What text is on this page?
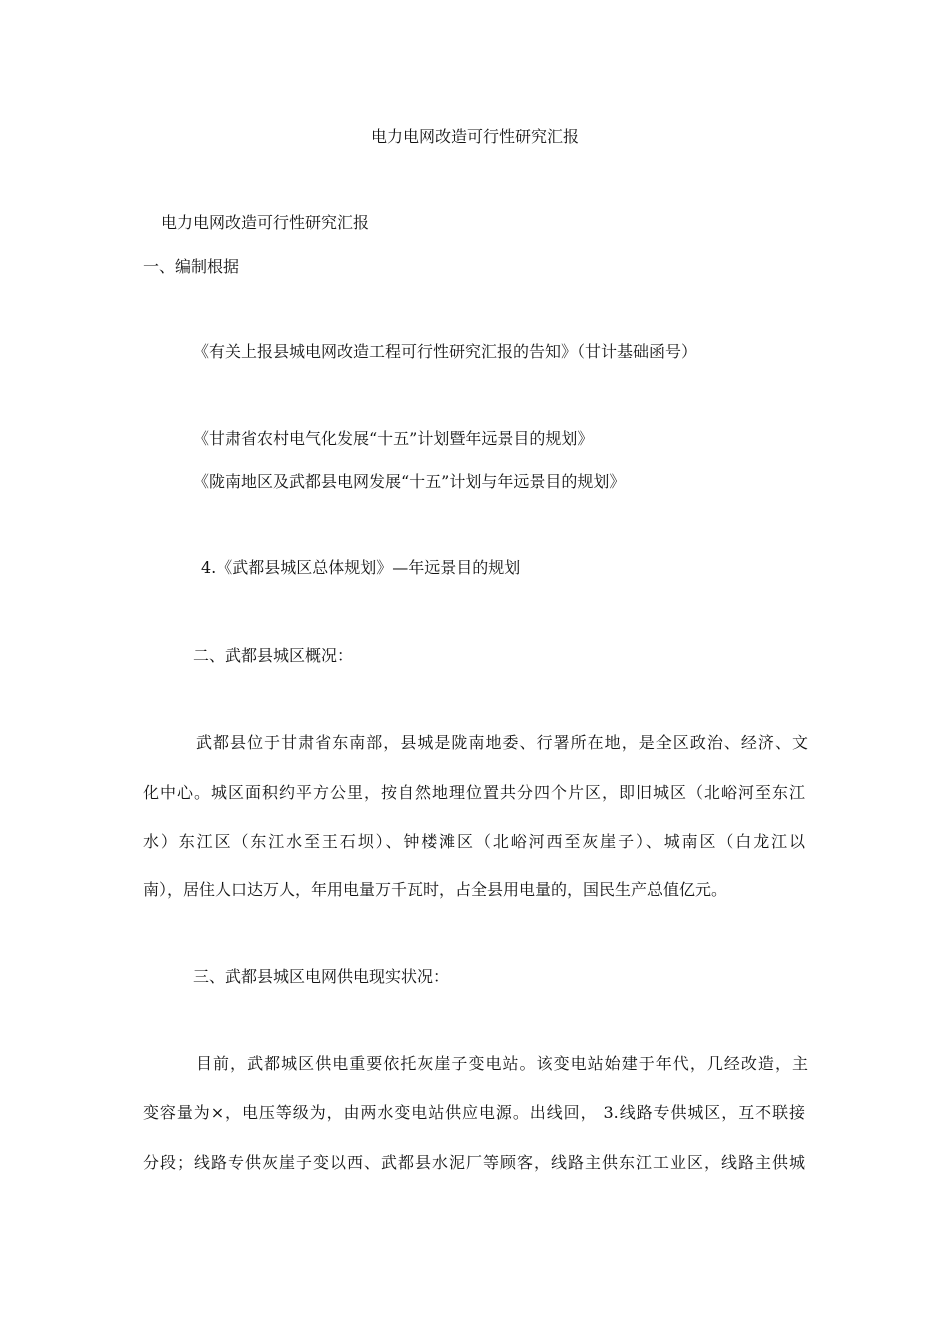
电力电网改造可行性研究汇报
电力电网改造可行性研究汇报
一、编制根据
《有关上报县城电网改造工程可行性研究汇报的告知》（甘计基础函号）
《甘肃省农村电气化发展“十五”计划暨年远景目的规划》
《陇南地区及武都县电网发展“十五”计划与年远景目的规划》
4.《武都县城区总体规划》—年远景目的规划
二、武都县城区概况：
武都县位于甘肃省东南部，县城是陇南地委、行署所在地，是全区政治、经济、文
化中心。城区面积约平方公里，按自然地理位置共分四个片区，即旧城区（北峪河至东江
水）东江区（东江水至王石坝）、钟楼滩区（北峪河西至灰崖子）、城南区（白龙江以
南），居住人口达万人，年用电量万千瓦时，占全县用电量的，国民生产总值亿元。
三、武都县城区电网供电现实状况：
目前，武都城区供电重要依托灰崖子变电站。该变电站始建于年代，几经改造，主
变容量为×，电压等级为，由两水变电站供应电源。出线回， 3.线路专供城区，互不联接
分段；线路专供灰崖子变以西、武都县水泥厂等顾客，线路主供东江工业区，线路主供城
